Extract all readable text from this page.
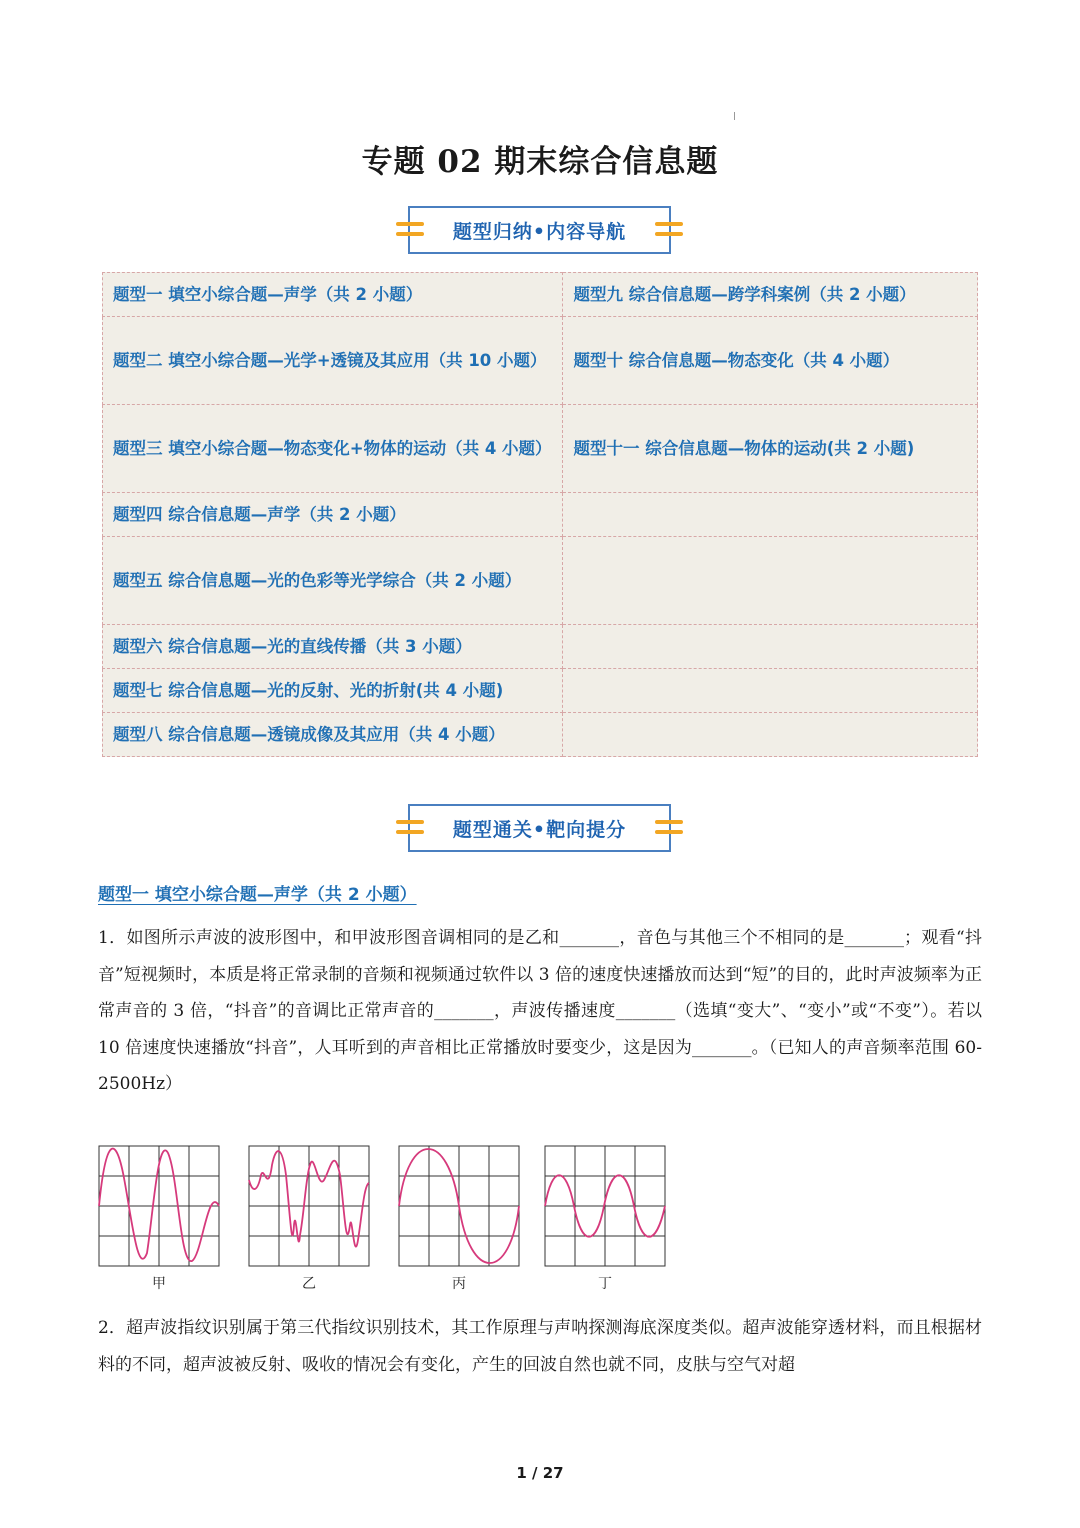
专题 02 期末综合信息题
题型归纳•内容导航
题型一 填空小综合题—声学（共 2 小题）	题型九 综合信息题—跨学科案例（共 2 小题）
题型二 填空小综合题—光学+透镜及其应用（共 10 小题）	题型十 综合信息题—物态变化（共 4 小题）
题型三 填空小综合题—物态变化+物体的运动（共 4 小题）	题型十一 综合信息题—物体的运动(共 2 小题)
题型四 综合信息题—声学（共 2 小题）	
题型五 综合信息题—光的色彩等光学综合（共 2 小题）	
题型六 综合信息题—光的直线传播（共 3 小题）	
题型七 综合信息题—光的反射、光的折射(共 4 小题)	
题型八 综合信息题—透镜成像及其应用（共 4 小题）	
题型通关•靶向提分
题型一 填空小综合题—声学（共 2 小题）
1．如图所示声波的波形图中，和甲波形图音调相同的是乙和_______，音色与其他三个不相同的是_______；观看“抖音”短视频时，本质是将正常录制的音频和视频通过软件以 3 倍的速度快速播放而达到“短”的目的，此时声波频率为正常声音的 3 倍，“抖音”的音调比正常声音的_______，声波传播速度_______（选填“变大”、“变小”或“不变”）。若以 10 倍速度快速播放“抖音”，人耳听到的声音相比正常播放时要变少，这是因为_______。（已知人的声音频率范围 60-2500Hz）
甲	乙	丙	丁
2．超声波指纹识别属于第三代指纹识别技术，其工作原理与声呐探测海底深度类似。超声波能穿透材料，而且根据材料的不同，超声波被反射、吸收的情况会有变化，产生的回波自然也就不同，皮肤与空气对超
1 / 27
